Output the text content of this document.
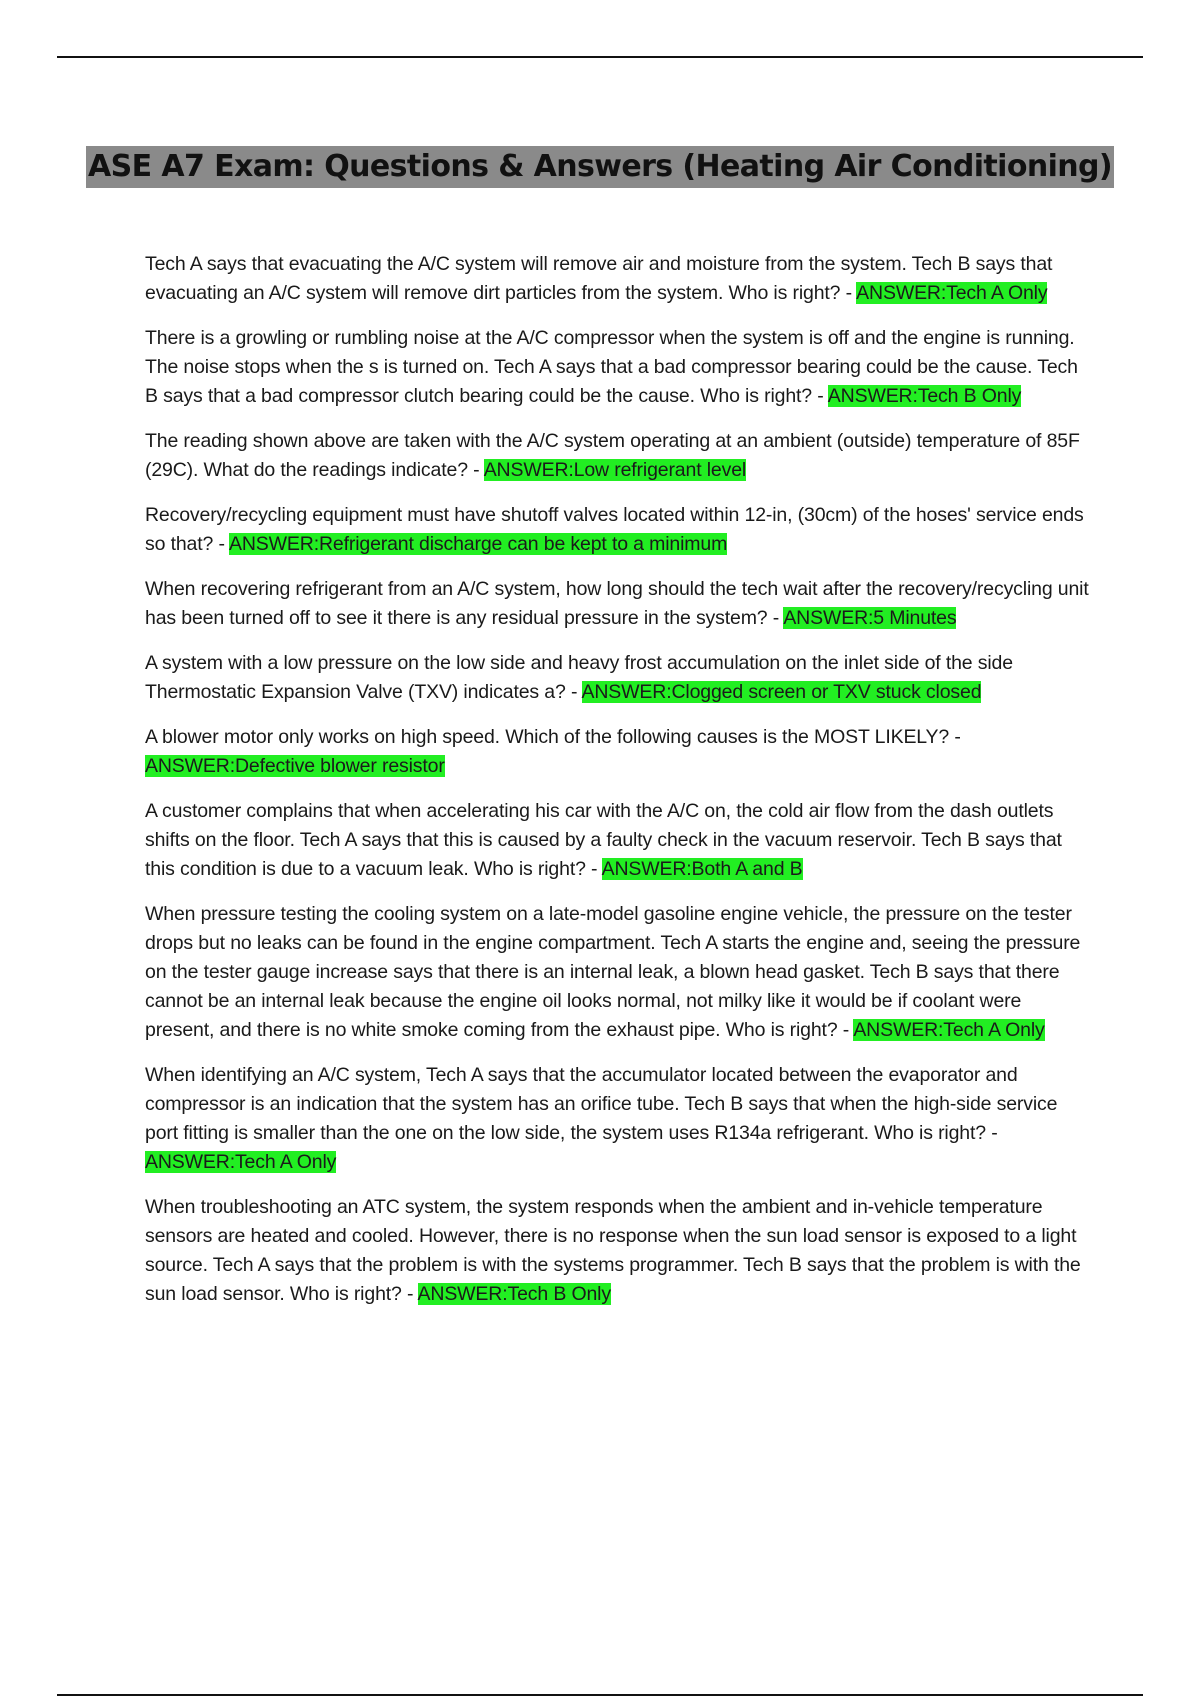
ASE A7 Exam: Questions & Answers (Heating Air Conditioning)

Tech A says that evacuating the A/C system will remove air and moisture from the system. Tech B says that evacuating an A/C system will remove dirt particles from the system. Who is right? - ANSWER:Tech A Only

There is a growling or rumbling noise at the A/C compressor when the system is off and the engine is running. The noise stops when the s is turned on. Tech A says that a bad compressor bearing could be the cause. Tech B says that a bad compressor clutch bearing could be the cause. Who is right? - ANSWER:Tech B Only

The reading shown above are taken with the A/C system operating at an ambient (outside) temperature of 85F (29C). What do the readings indicate? - ANSWER:Low refrigerant level

Recovery/recycling equipment must have shutoff valves located within 12-in, (30cm) of the hoses' service ends so that? - ANSWER:Refrigerant discharge can be kept to a minimum

When recovering refrigerant from an A/C system, how long should the tech wait after the recovery/recycling unit has been turned off to see it there is any residual pressure in the system? - ANSWER:5 Minutes

A system with a low pressure on the low side and heavy frost accumulation on the inlet side of the side Thermostatic Expansion Valve (TXV) indicates a? - ANSWER:Clogged screen or TXV stuck closed

A blower motor only works on high speed. Which of the following causes is the MOST LIKELY? - ANSWER:Defective blower resistor

A customer complains that when accelerating his car with the A/C on, the cold air flow from the dash outlets shifts on the floor. Tech A says that this is caused by a faulty check in the vacuum reservoir. Tech B says that this condition is due to a vacuum leak. Who is right? - ANSWER:Both A and B

When pressure testing the cooling system on a late-model gasoline engine vehicle, the pressure on the tester drops but no leaks can be found in the engine compartment. Tech A starts the engine and, seeing the pressure on the tester gauge increase says that there is an internal leak, a blown head gasket. Tech B says that there cannot be an internal leak because the engine oil looks normal, not milky like it would be if coolant were present, and there is no white smoke coming from the exhaust pipe. Who is right? - ANSWER:Tech A Only

When identifying an A/C system, Tech A says that the accumulator located between the evaporator and compressor is an indication that the system has an orifice tube. Tech B says that when the high-side service port fitting is smaller than the one on the low side, the system uses R134a refrigerant. Who is right? - ANSWER:Tech A Only

When troubleshooting an ATC system, the system responds when the ambient and in-vehicle temperature sensors are heated and cooled. However, there is no response when the sun load sensor is exposed to a light source. Tech A says that the problem is with the systems programmer. Tech B says that the problem is with the sun load sensor. Who is right? - ANSWER:Tech B Only
